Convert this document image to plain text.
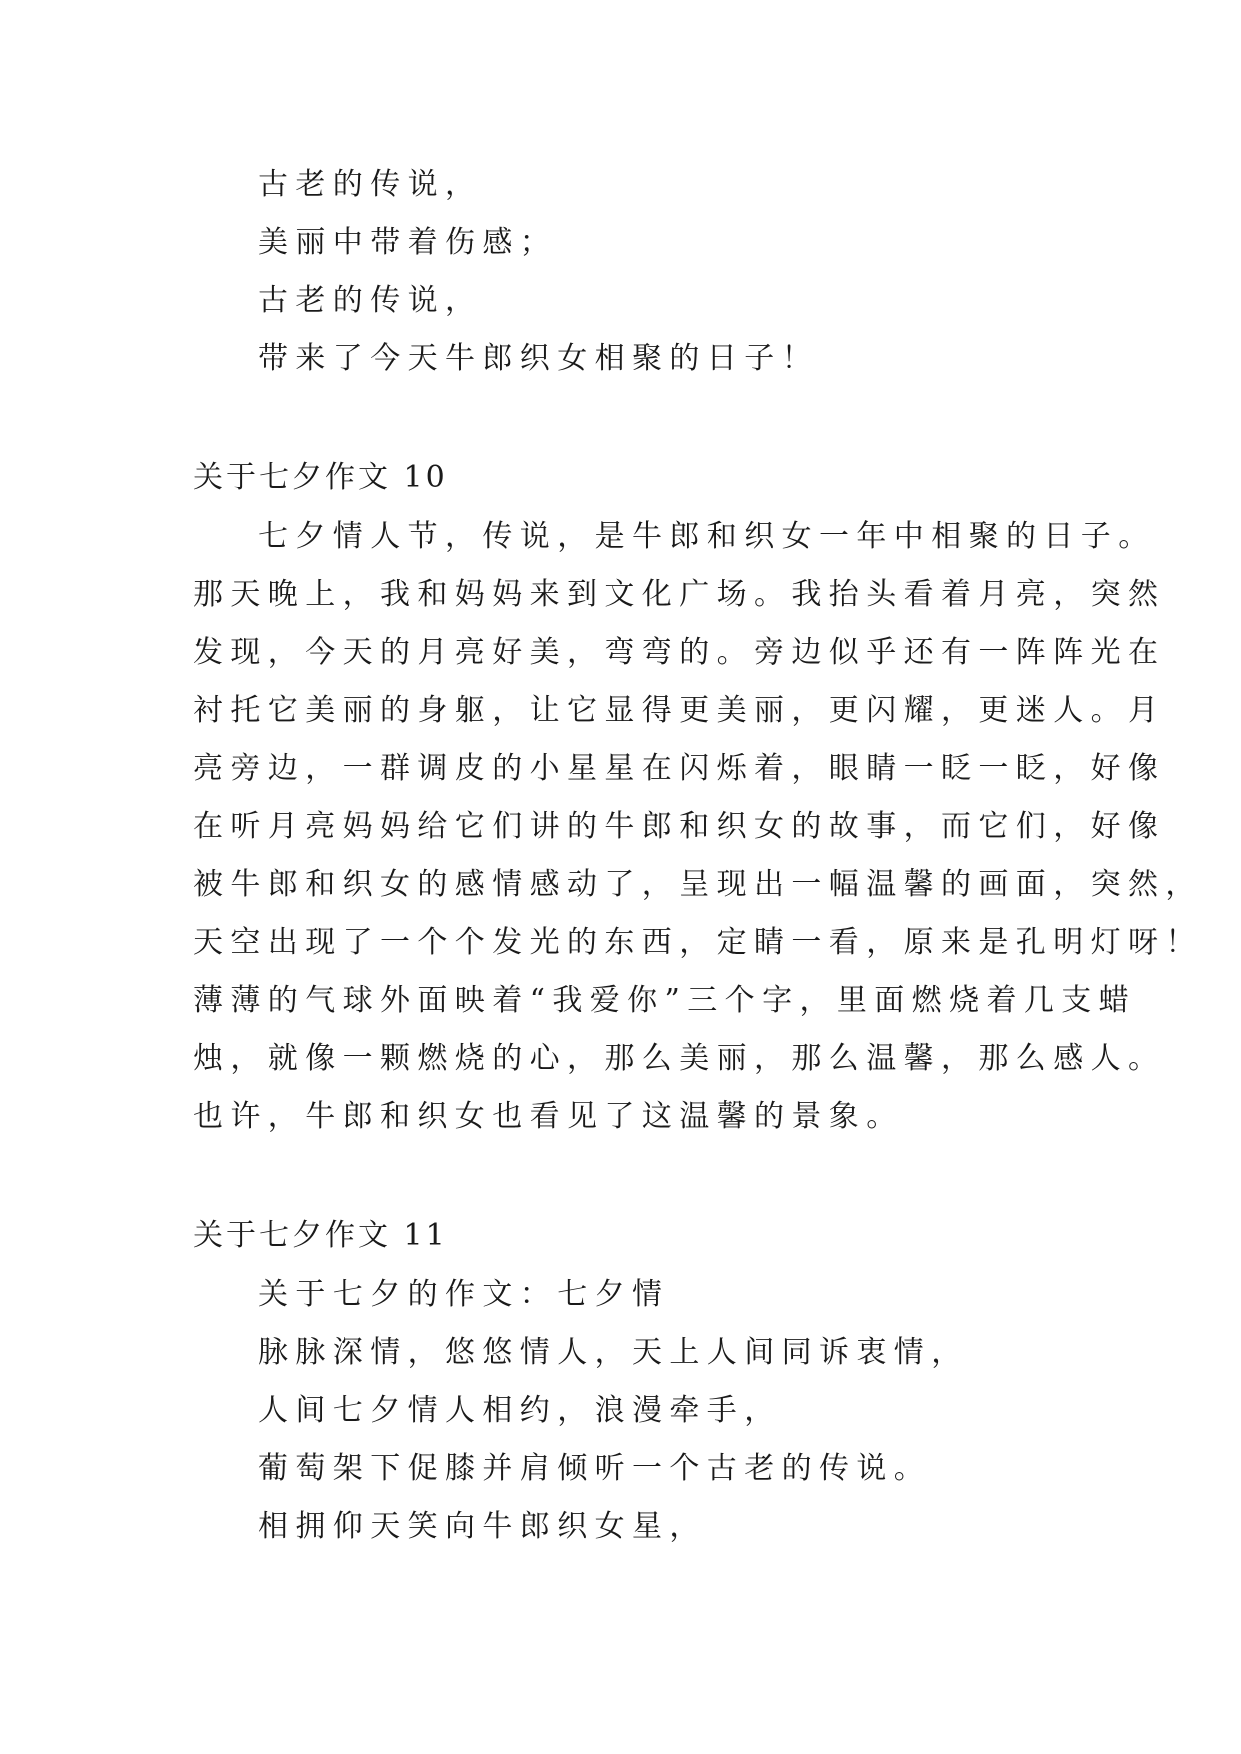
古老的传说，
美丽中带着伤感；
古老的传说，
带来了今天牛郎织女相聚的日子！
关于七夕作文 10
七夕情人节，传说，是牛郎和织女一年中相聚的日子。
那天晚上，我和妈妈来到文化广场。我抬头看着月亮，突然
发现，今天的月亮好美，弯弯的。旁边似乎还有一阵阵光在
衬托它美丽的身躯，让它显得更美丽，更闪耀，更迷人。月
亮旁边，一群调皮的小星星在闪烁着，眼睛一眨一眨，好像
在听月亮妈妈给它们讲的牛郎和织女的故事，而它们，好像
被牛郎和织女的感情感动了，呈现出一幅温馨的画面，突然，
天空出现了一个个发光的东西，定睛一看，原来是孔明灯呀！
薄薄的气球外面映着“我爱你”三个字，里面燃烧着几支蜡
烛，就像一颗燃烧的心，那么美丽，那么温馨，那么感人。
也许，牛郎和织女也看见了这温馨的景象。
关于七夕作文 11
关于七夕的作文：七夕情
脉脉深情，悠悠情人，天上人间同诉衷情，
人间七夕情人相约，浪漫牵手，
葡萄架下促膝并肩倾听一个古老的传说。
相拥仰天笑向牛郎织女星，
